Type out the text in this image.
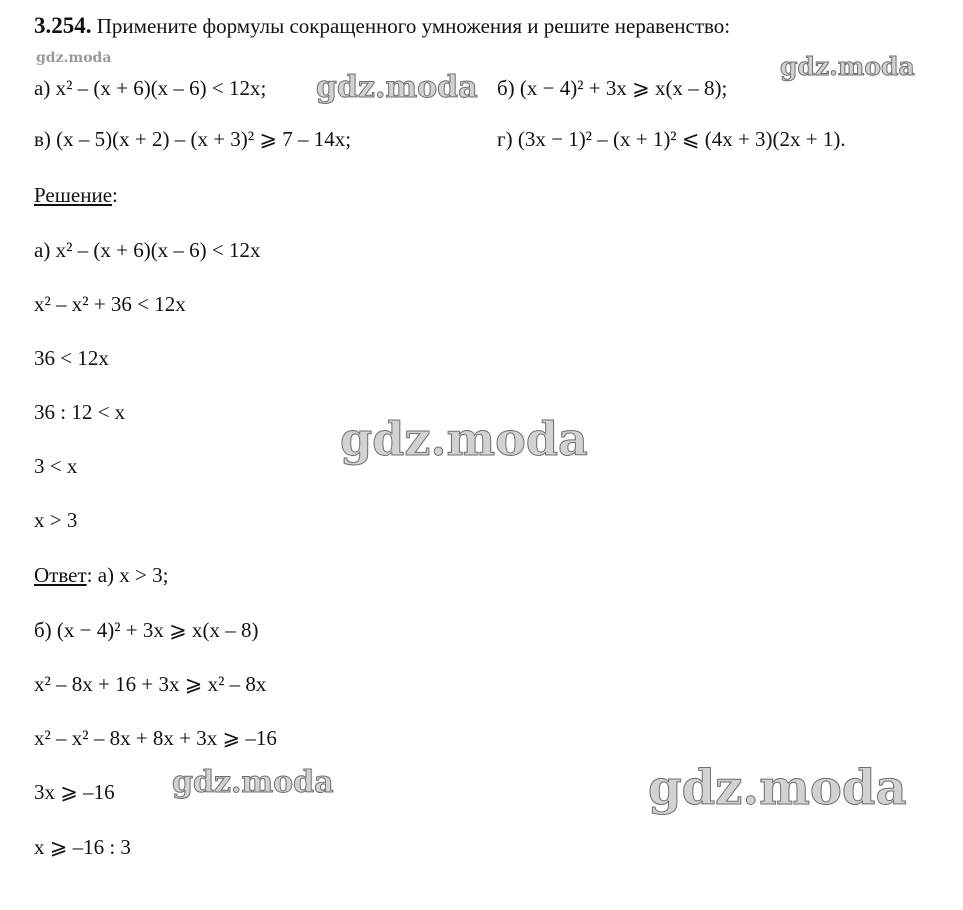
3.254. Примените формулы сокращенного умножения и решите неравенство:
а) x² – (x + 6)(x – 6) < 12x;	б) (x − 4)² + 3x ⩾ x(x – 8);
в) (x – 5)(x + 2) – (x + 3)² ⩾ 7 – 14x;	г) (3x − 1)² – (x + 1)² ⩽ (4x + 3)(2x + 1).
Решение:
а) x² – (x + 6)(x – 6) < 12x
x² – x² + 36 < 12x
36 < 12x
36 : 12 < x
3 < x
x > 3
Ответ: а) x > 3;
б) (x − 4)² + 3x ⩾ x(x – 8)
x² – 8x + 16 + 3x ⩾ x² – 8x
x² – x² – 8x + 8x + 3x ⩾ –16
3x ⩾ –16
x ⩾ –16 : 3
gdz.moda
gdz.moda
gdz.moda
gdz.moda
gdz.moda	gdz.moda
